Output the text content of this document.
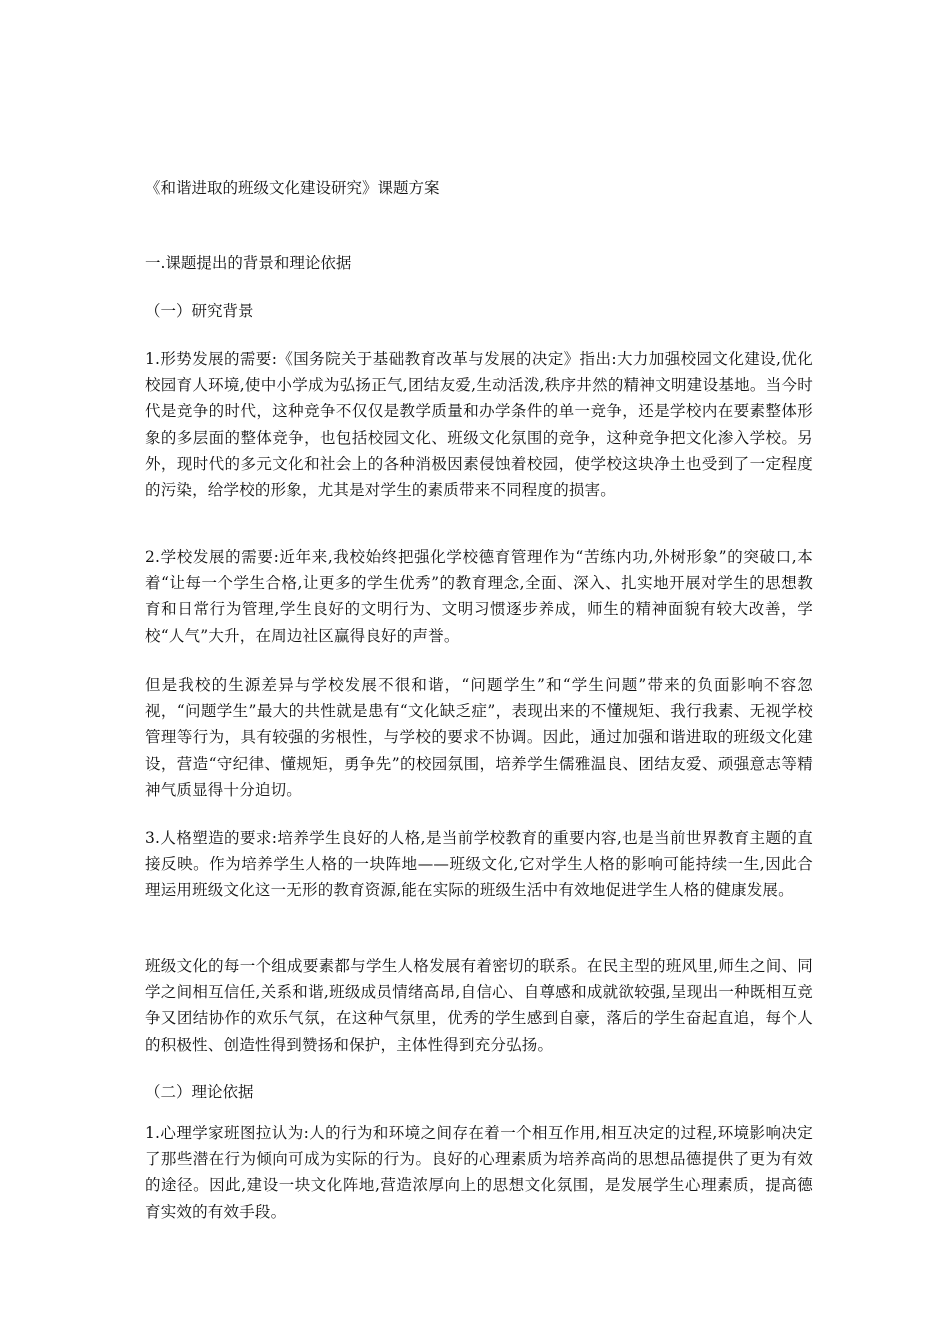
《和谐进取的班级文化建设研究》课题方案
一.课题提出的背景和理论依据
（一）研究背景
1.形势发展的需要:《国务院关于基础教育改革与发展的决定》指出:大力加强校园文化建设,优化校园育人环境,使中小学成为弘扬正气,团结友爱,生动活泼,秩序井然的精神文明建设基地。当今时代是竞争的时代，这种竞争不仅仅是教学质量和办学条件的单一竞争，还是学校内在要素整体形象的多层面的整体竞争，也包括校园文化、班级文化氛围的竞争，这种竞争把文化渗入学校。另外，现时代的多元文化和社会上的各种消极因素侵蚀着校园，使学校这块净土也受到了一定程度的污染，给学校的形象，尤其是对学生的素质带来不同程度的损害。
2.学校发展的需要:近年来,我校始终把强化学校德育管理作为“苦练内功,外树形象”的突破口,本着“让每一个学生合格,让更多的学生优秀”的教育理念,全面、深入、扎实地开展对学生的思想教育和日常行为管理,学生良好的文明行为、文明习惯逐步养成，师生的精神面貌有较大改善，学校“人气”大升，在周边社区赢得良好的声誉。
但是我校的生源差异与学校发展不很和谐，“问题学生”和“学生问题”带来的负面影响不容忽视，“问题学生”最大的共性就是患有“文化缺乏症”，表现出来的不懂规矩、我行我素、无视学校管理等行为，具有较强的劣根性，与学校的要求不协调。因此，通过加强和谐进取的班级文化建设，营造“守纪律、懂规矩，勇争先”的校园氛围，培养学生儒雅温良、团结友爱、顽强意志等精神气质显得十分迫切。
3.人格塑造的要求:培养学生良好的人格,是当前学校教育的重要内容,也是当前世界教育主题的直接反映。作为培养学生人格的一块阵地——班级文化,它对学生人格的影响可能持续一生,因此合理运用班级文化这一无形的教育资源,能在实际的班级生活中有效地促进学生人格的健康发展。
班级文化的每一个组成要素都与学生人格发展有着密切的联系。在民主型的班风里,师生之间、同学之间相互信任,关系和谐,班级成员情绪高昂,自信心、自尊感和成就欲较强,呈现出一种既相互竞争又团结协作的欢乐气氛，在这种气氛里，优秀的学生感到自豪，落后的学生奋起直追，每个人的积极性、创造性得到赞扬和保护，主体性得到充分弘扬。
（二）理论依据
1.心理学家班图拉认为:人的行为和环境之间存在着一个相互作用,相互决定的过程,环境影响决定了那些潜在行为倾向可成为实际的行为。良好的心理素质为培养高尚的思想品德提供了更为有效的途径。因此,建设一块文化阵地,营造浓厚向上的思想文化氛围，是发展学生心理素质，提高德育实效的有效手段。
